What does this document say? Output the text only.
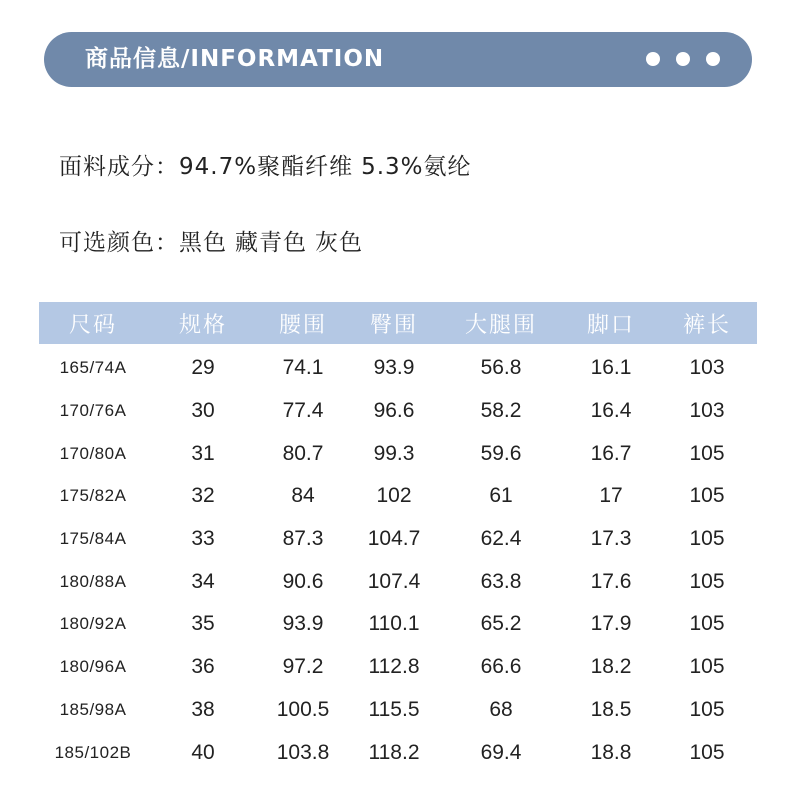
商品信息/INFORMATION
面料成分：94.7%聚酯纤维 5.3%氨纶
可选颜色：黑色 藏青色 灰色
尺码	规格	腰围	臀围	大腿围	脚口	裤长
165/74A	29	74.1	93.9	56.8	16.1	103
170/76A	30	77.4	96.6	58.2	16.4	103
170/80A	31	80.7	99.3	59.6	16.7	105
175/82A	32	84	102	61	17	105
175/84A	33	87.3	104.7	62.4	17.3	105
180/88A	34	90.6	107.4	63.8	17.6	105
180/92A	35	93.9	110.1	65.2	17.9	105
180/96A	36	97.2	112.8	66.6	18.2	105
185/98A	38	100.5	115.5	68	18.5	105
185/102B	40	103.8	118.2	69.4	18.8	105
